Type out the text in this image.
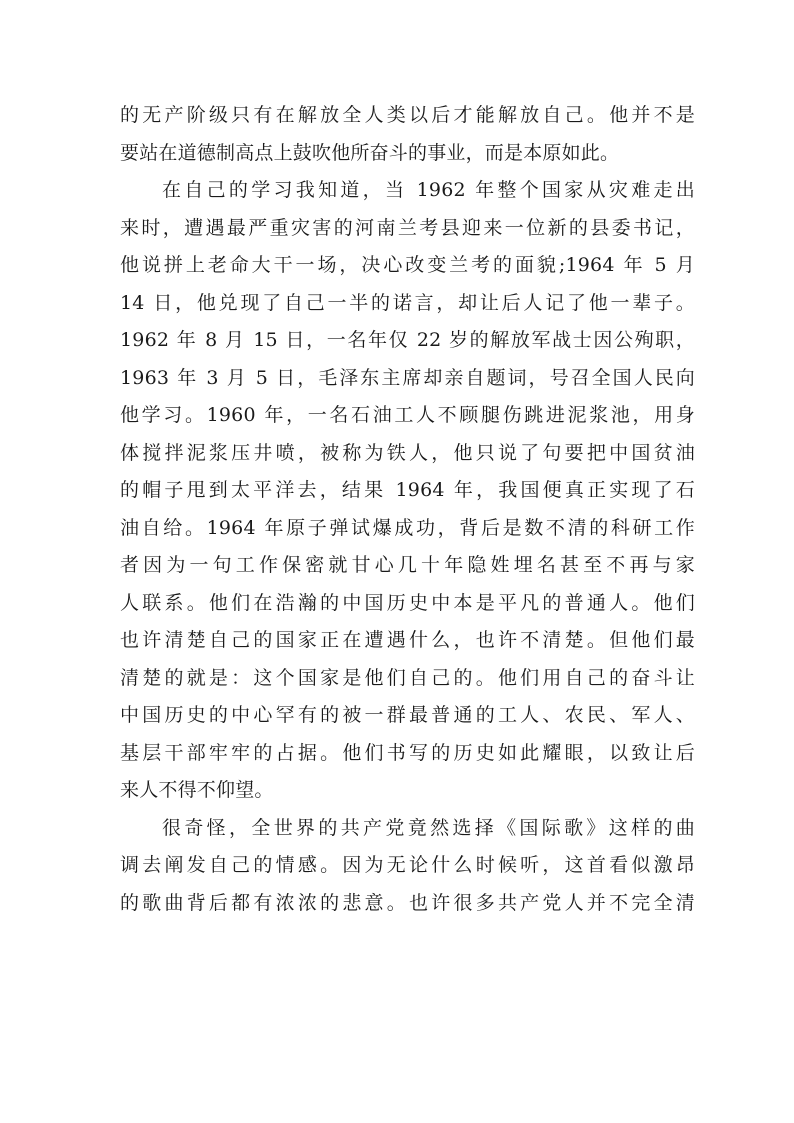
的无产阶级只有在解放全人类以后才能解放自己。他并不是
要站在道德制高点上鼓吹他所奋斗的事业，而是本原如此。
在自己的学习我知道，当 1962 年整个国家从灾难走出
来时，遭遇最严重灾害的河南兰考县迎来一位新的县委书记，
他说拼上老命大干一场，决心改变兰考的面貌;1964 年 5 月
14 日，他兑现了自己一半的诺言，却让后人记了他一辈子。
1962 年 8 月 15 日，一名年仅 22 岁的解放军战士因公殉职，
1963 年 3 月 5 日，毛泽东主席却亲自题词，号召全国人民向
他学习。1960 年，一名石油工人不顾腿伤跳进泥浆池，用身
体搅拌泥浆压井喷，被称为铁人，他只说了句要把中国贫油
的帽子甩到太平洋去，结果 1964 年，我国便真正实现了石
油自给。1964 年原子弹试爆成功，背后是数不清的科研工作
者因为一句工作保密就甘心几十年隐姓埋名甚至不再与家
人联系。他们在浩瀚的中国历史中本是平凡的普通人。他们
也许清楚自己的国家正在遭遇什么，也许不清楚。但他们最
清楚的就是：这个国家是他们自己的。他们用自己的奋斗让
中国历史的中心罕有的被一群最普通的工人、农民、军人、
基层干部牢牢的占据。他们书写的历史如此耀眼，以致让后
来人不得不仰望。
很奇怪，全世界的共产党竟然选择《国际歌》这样的曲
调去阐发自己的情感。因为无论什么时候听，这首看似激昂
的歌曲背后都有浓浓的悲意。也许很多共产党人并不完全清
